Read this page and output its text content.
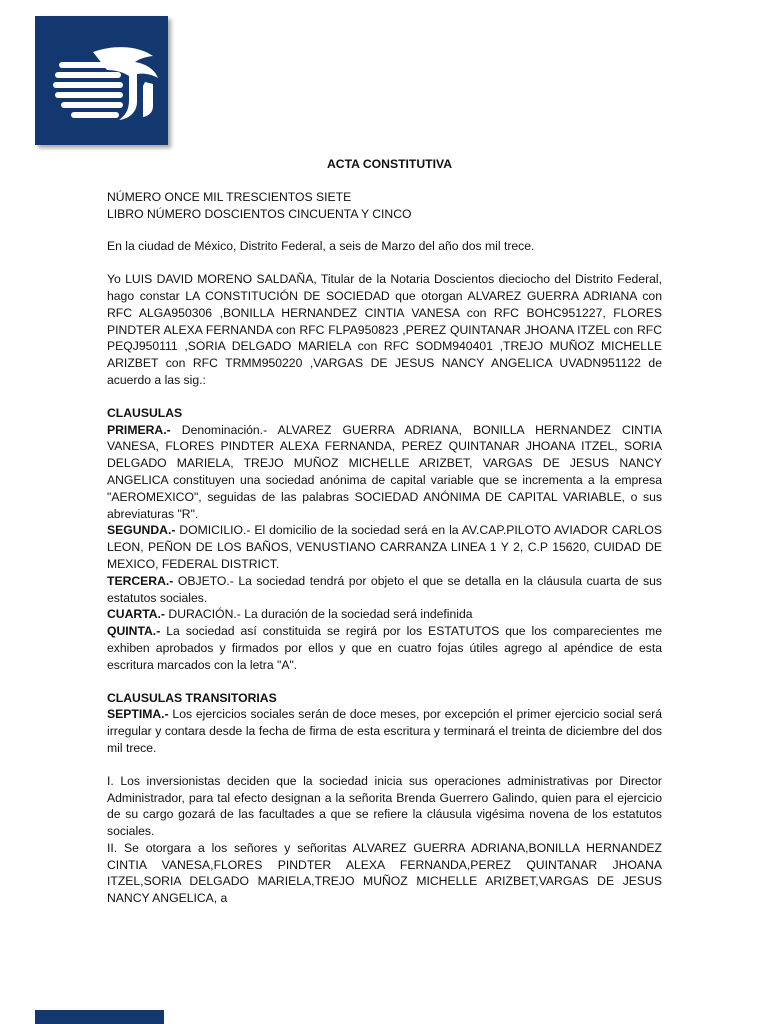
ACTA CONSTITUTIVA
NÚMERO ONCE MIL TRESCIENTOS SIETE
LIBRO NÚMERO DOSCIENTOS CINCUENTA Y CINCO
En la ciudad de México, Distrito Federal, a seis de Marzo del año dos mil trece.
Yo LUIS DAVID MORENO SALDAÑA, Titular de la Notaria Doscientos dieciocho del Distrito Federal, hago constar LA CONSTITUCIÓN DE SOCIEDAD que otorgan ALVAREZ GUERRA ADRIANA con RFC ALGA950306 ,BONILLA HERNANDEZ CINTIA VANESA con RFC BOHC951227, FLORES PINDTER ALEXA FERNANDA con RFC FLPA950823 ,PEREZ QUINTANAR JHOANA ITZEL con RFC PEQJ950111 ,SORIA DELGADO MARIELA con RFC SODM940401 ,TREJO MUÑOZ MICHELLE ARIZBET con RFC TRMM950220 ,VARGAS DE JESUS NANCY ANGELICA UVADN951122 de acuerdo a las sig.:
CLAUSULAS
PRIMERA.- Denominación.- ALVAREZ GUERRA ADRIANA, BONILLA HERNANDEZ CINTIA VANESA, FLORES PINDTER ALEXA FERNANDA, PEREZ QUINTANAR JHOANA ITZEL, SORIA DELGADO MARIELA, TREJO MUÑOZ MICHELLE ARIZBET, VARGAS DE JESUS NANCY ANGELICA constituyen una sociedad anónima de capital variable que se incrementa a la empresa "AEROMEXICO", seguidas de las palabras SOCIEDAD ANÓNIMA DE CAPITAL VARIABLE, o sus abreviaturas "R".
SEGUNDA.- DOMICILIO.- El domicilio de la sociedad será en la AV.CAP.PILOTO AVIADOR CARLOS LEON, PEÑON DE LOS BAÑOS, VENUSTIANO CARRANZA LINEA 1 Y 2, C.P 15620, CUIDAD DE MEXICO, FEDERAL DISTRICT.
TERCERA.- OBJETO.- La sociedad tendrá por objeto el que se detalla en la cláusula cuarta de sus estatutos sociales.
CUARTA.- DURACIÓN.- La duración de la sociedad será indefinida
QUINTA.- La sociedad así constituida se regirá por los ESTATUTOS que los comparecientes me exhiben aprobados y firmados por ellos y que en cuatro fojas útiles agrego al apéndice de esta escritura marcados con la letra "A".
CLAUSULAS TRANSITORIAS
SEPTIMA.- Los ejercicios sociales serán de doce meses, por excepción el primer ejercicio social será irregular y contara desde la fecha de firma de esta escritura y terminará el treinta de diciembre del dos mil trece.
I. Los inversionistas deciden que la sociedad inicia sus operaciones administrativas por Director Administrador, para tal efecto designan a la señorita Brenda Guerrero Galindo, quien para el ejercicio de su cargo gozará de las facultades a que se refiere la cláusula vigésima novena de los estatutos sociales.
II. Se otorgara a los señores y señoritas ALVAREZ GUERRA ADRIANA,BONILLA HERNANDEZ CINTIA VANESA,FLORES PINDTER ALEXA FERNANDA,PEREZ QUINTANAR JHOANA ITZEL,SORIA DELGADO MARIELA,TREJO MUÑOZ MICHELLE ARIZBET,VARGAS DE JESUS NANCY ANGELICA, a
